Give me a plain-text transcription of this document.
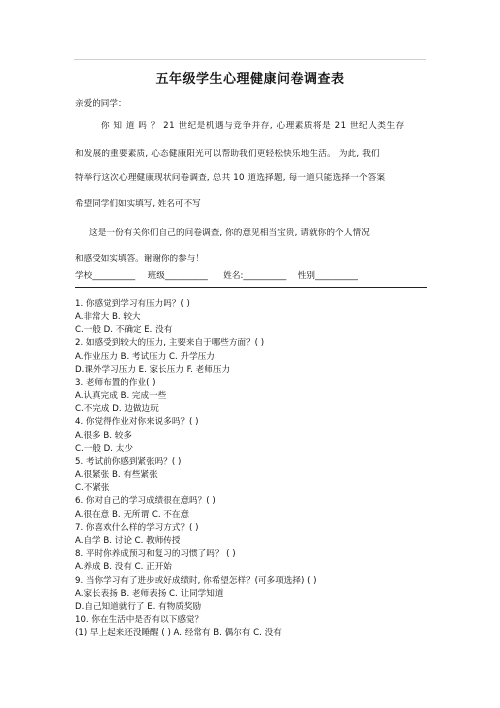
五年级学生心理健康问卷调查表
亲爱的同学：
你 知 道 吗 ？ 21 世纪是机遇与竞争并存, 心理素质将是 21 世纪人类生存
和发展的重要素质, 心态健康阳光可以帮助我们更轻松快乐地生活。 为此, 我们
特举行这次心理健康现状问卷调查, 总共 10 道选择题, 每一道只能选择一个答案
希望同学们如实填写, 姓名可不写
这是一份有关你们自己的问卷调查, 你的意见相当宝贵, 请就你的个人情况
和感受如实填答。谢谢你的参与！
学校__________ 班级__________ 姓名:__________ 性别__________
1. 你感觉到学习有压力吗？( )
A.非常大 B. 较大
C.一般 D. 不确定 E. 没有
2. 如感受到较大的压力, 主要来自于哪些方面？( )
A.作业压力 B. 考试压力 C. 升学压力
D.课外学习压力 E. 家长压力 F. 老师压力
3. 老师布置的作业( )
A.认真完成 B. 完成一些
C.不完成 D. 边做边玩
4. 你觉得作业对你来说多吗？( )
A.很多 B. 较多
C.一般 D. 太少
5. 考试前你感到紧张吗？( )
A.很紧张 B. 有些紧张
C.不紧张
6. 你对自己的学习成绩很在意吗？( )
A.很在意 B. 无所谓 C. 不在意
7. 你喜欢什么样的学习方式？( )
A.自学 B. 讨论 C. 教师传授
8. 平时你养成预习和复习的习惯了吗？ ( )
A.养成 B. 没有 C. 正开始
9. 当你学习有了进步或好成绩时, 你希望怎样？(可多项选择) ( )
A.家长表扬 B. 老师表扬 C. 让同学知道
D.自己知道就行了 E. 有物质奖励
10. 你在生活中是否有以下感觉？
(1) 早上起来还没睡醒 ( ) A. 经常有 B. 偶尔有 C. 没有
